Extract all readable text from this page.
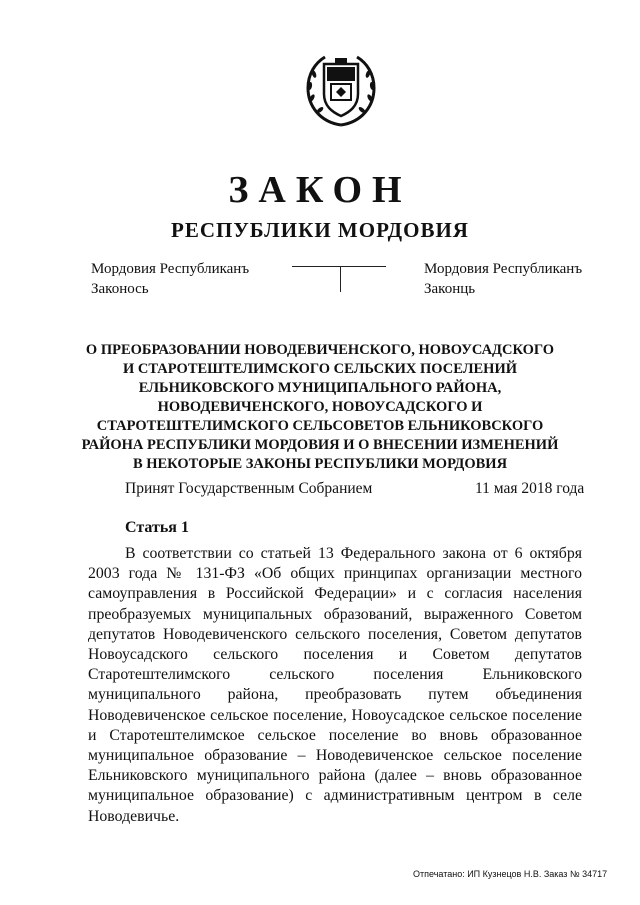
ЗАКОН
РЕСПУБЛИКИ МОРДОВИЯ
Мордовия Республиканъ
Законось
Мордовия Республиканъ
Законць
О ПРЕОБРАЗОВАНИИ НОВОДЕВИЧЕНСКОГО, НОВОУСАДСКОГО И СТАРОТЕШТЕЛИМСКОГО СЕЛЬСКИХ ПОСЕЛЕНИЙ ЕЛЬНИКОВСКОГО МУНИЦИПАЛЬНОГО РАЙОНА, НОВОДЕВИЧЕНСКОГО, НОВОУСАДСКОГО И СТАРОТЕШТЕЛИМСКОГО СЕЛЬСОВЕТОВ ЕЛЬНИКОВСКОГО РАЙОНА РЕСПУБЛИКИ МОРДОВИЯ И О ВНЕСЕНИИ ИЗМЕНЕНИЙ В НЕКОТОРЫЕ ЗАКОНЫ РЕСПУБЛИКИ МОРДОВИЯ
Принят Государственным Собранием	11 мая 2018 года
Статья 1
В соответствии со статьей 13 Федерального закона от 6 октября 2003 года № 131-ФЗ «Об общих принципах организации местного самоуправления в Российской Федерации» и с согласия населения преобразуемых муниципальных образований, выраженного Советом депутатов Новодевиченского сельского поселения, Советом депутатов Новоусадского сельского поселения и Советом депутатов Старотештелимского сельского поселения Ельниковского муниципального района, преобразовать путем объединения Новодевиченское сельское поселение, Новоусадское сельское поселение и Старотештелимское сельское поселение во вновь образованное муниципальное образование – Новодевиченское сельское поселение Ельниковского муниципального района (далее – вновь образованное муниципальное образование) с административным центром в селе Новодевичье.
Отпечатано: ИП Кузнецов Н.В. Заказ № 34717
